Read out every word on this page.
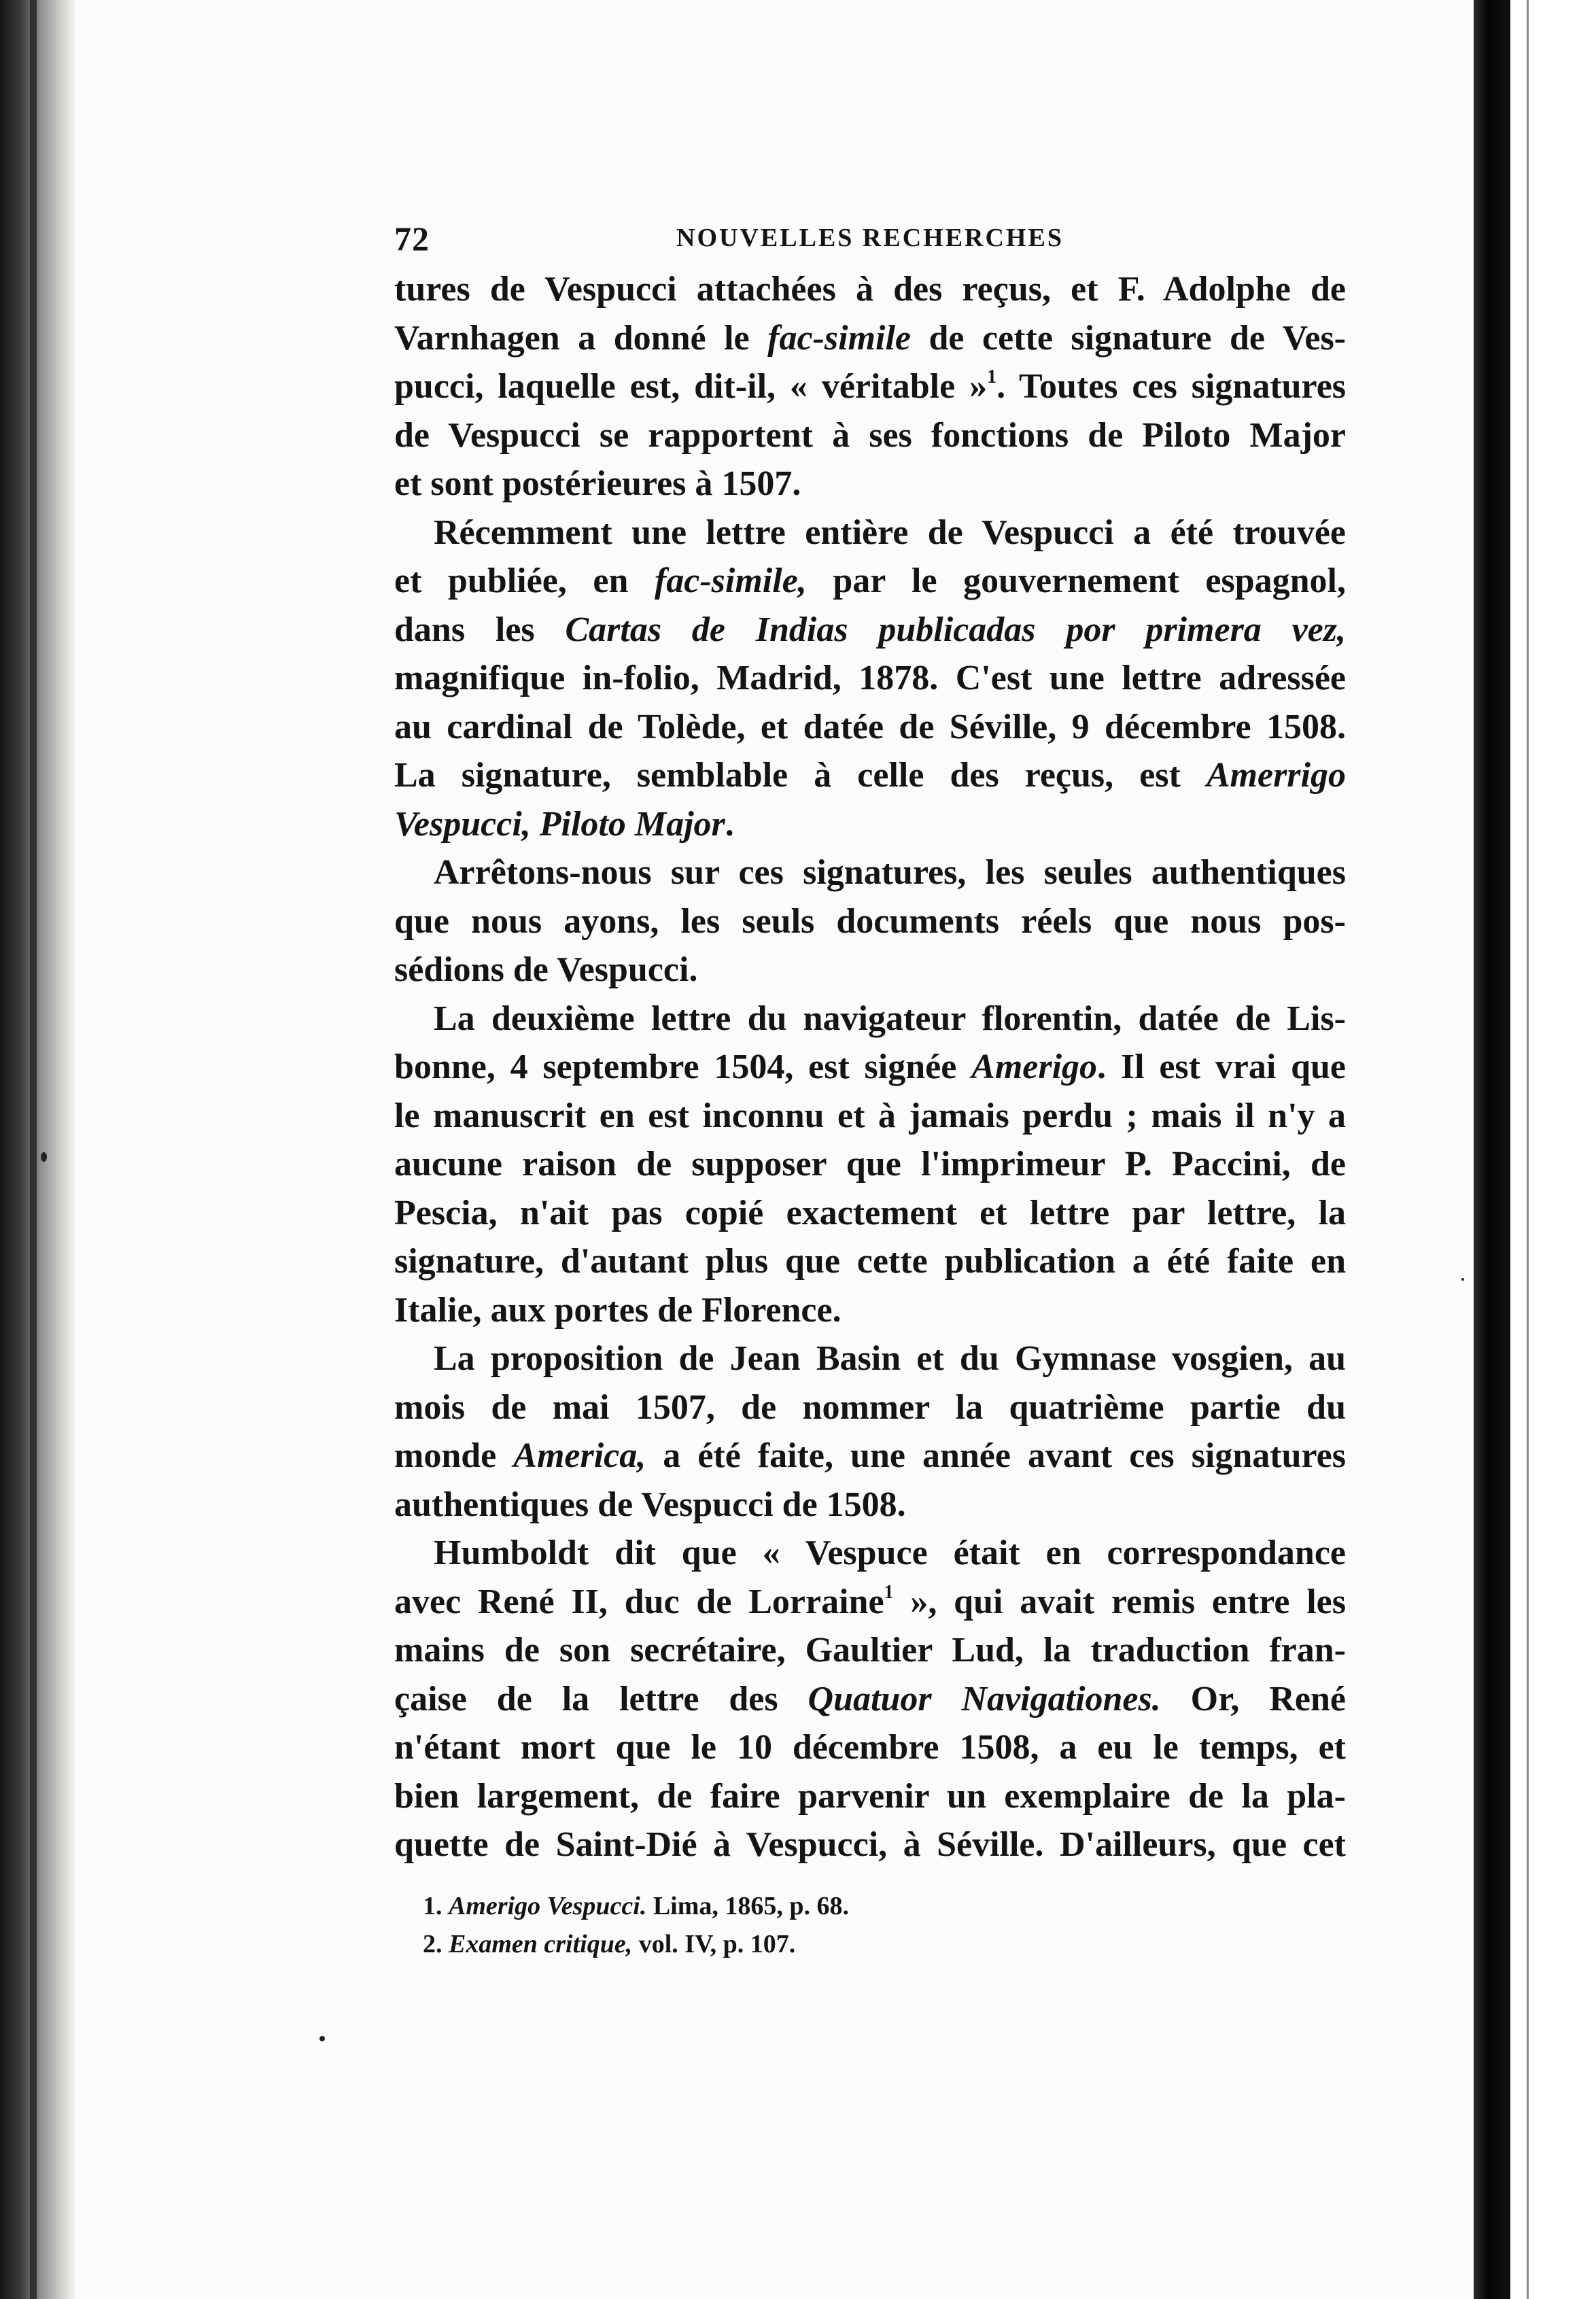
72	NOUVELLES RECHERCHES
tures de Vespucci attachées à des reçus, et F. Adolphe de
Varnhagen a donné le fac-simile de cette signature de Ves-
pucci, laquelle est, dit-il, « véritable »$^1$. Toutes ces signatures
de Vespucci se rapportent à ses fonctions de Piloto Major
et sont postérieures à 1507.
Récemment une lettre entière de Vespucci a été trouvée
et publiée, en fac-simile, par le gouvernement espagnol,
dans les Cartas de Indias publicadas por primera vez,
magnifique in-folio, Madrid, 1878. C'est une lettre adressée
au cardinal de Tolède, et datée de Séville, 9 décembre 1508.
La signature, semblable à celle des reçus, est Amerrigo
Vespucci, Piloto Major.
Arrêtons-nous sur ces signatures, les seules authentiques
que nous ayons, les seuls documents réels que nous pos-
sédions de Vespucci.
La deuxième lettre du navigateur florentin, datée de Lis-
bonne, 4 septembre 1504, est signée Amerigo. Il est vrai que
le manuscrit en est inconnu et à jamais perdu ; mais il n'y a
aucune raison de supposer que l'imprimeur P. Paccini, de
Pescia, n'ait pas copié exactement et lettre par lettre, la
signature, d'autant plus que cette publication a été faite en
Italie, aux portes de Florence.
La proposition de Jean Basin et du Gymnase vosgien, au
mois de mai 1507, de nommer la quatrième partie du
monde America, a été faite, une année avant ces signatures
authentiques de Vespucci de 1508.
Humboldt dit que « Vespuce était en correspondance
avec René II, duc de Lorraine$^1$ », qui avait remis entre les
mains de son secrétaire, Gaultier Lud, la traduction fran-
çaise de la lettre des Quatuor Navigationes. Or, René
n'étant mort que le 10 décembre 1508, a eu le temps, et
bien largement, de faire parvenir un exemplaire de la pla-
quette de Saint-Dié à Vespucci, à Séville. D'ailleurs, que cet
1. Amerigo Vespucci. Lima, 1865, p. 68.
2. Examen critique, vol. IV, p. 107.
